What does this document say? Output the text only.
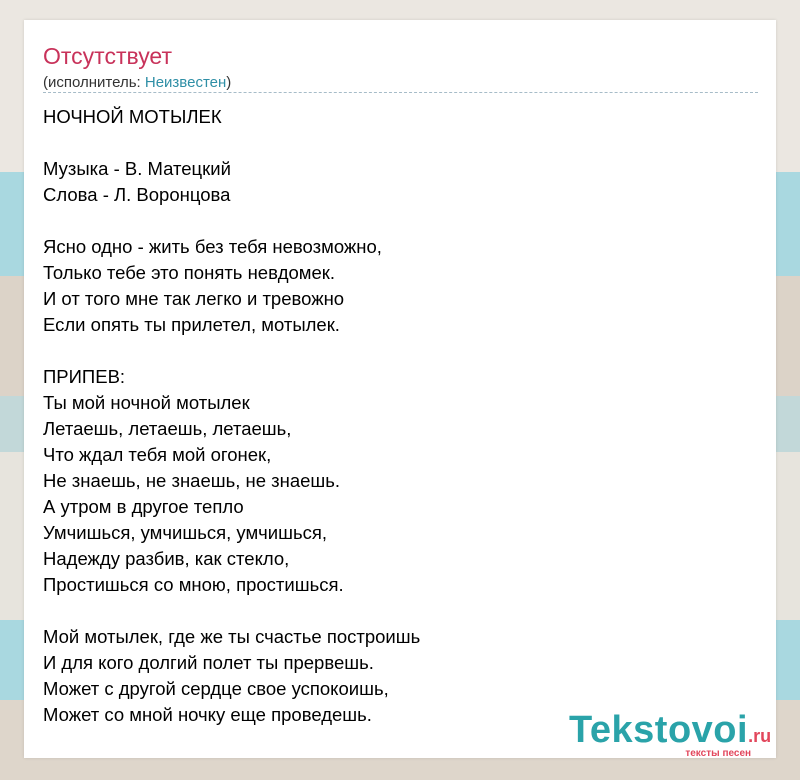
Отсутствует
(исполнитель: Неизвестен)
НОЧНОЙ МОТЫЛЕК
Музыка - В. Матецкий
Слова - Л. Воронцова
Ясно одно - жить без тебя невозможно,
Только тебе это понять невдомек.
И от того мне так легко и тревожно
Если опять ты прилетел, мотылек.
ПРИПЕВ:
Ты мой ночной мотылек
Летаешь, летаешь, летаешь,
Что ждал тебя мой огонек,
Не знаешь, не знаешь, не знаешь.
А утром в другое тепло
Умчишься, умчишься, умчишься,
Надежду разбив, как стекло,
Простишься со мною, простишься.
Мой мотылек, где же ты счастье построишь
И для кого долгий полет ты прервешь.
Может с другой сердце свое успокоишь,
Может со мной ночку еще проведешь.	Tekstovoi.ru
тексты песен
